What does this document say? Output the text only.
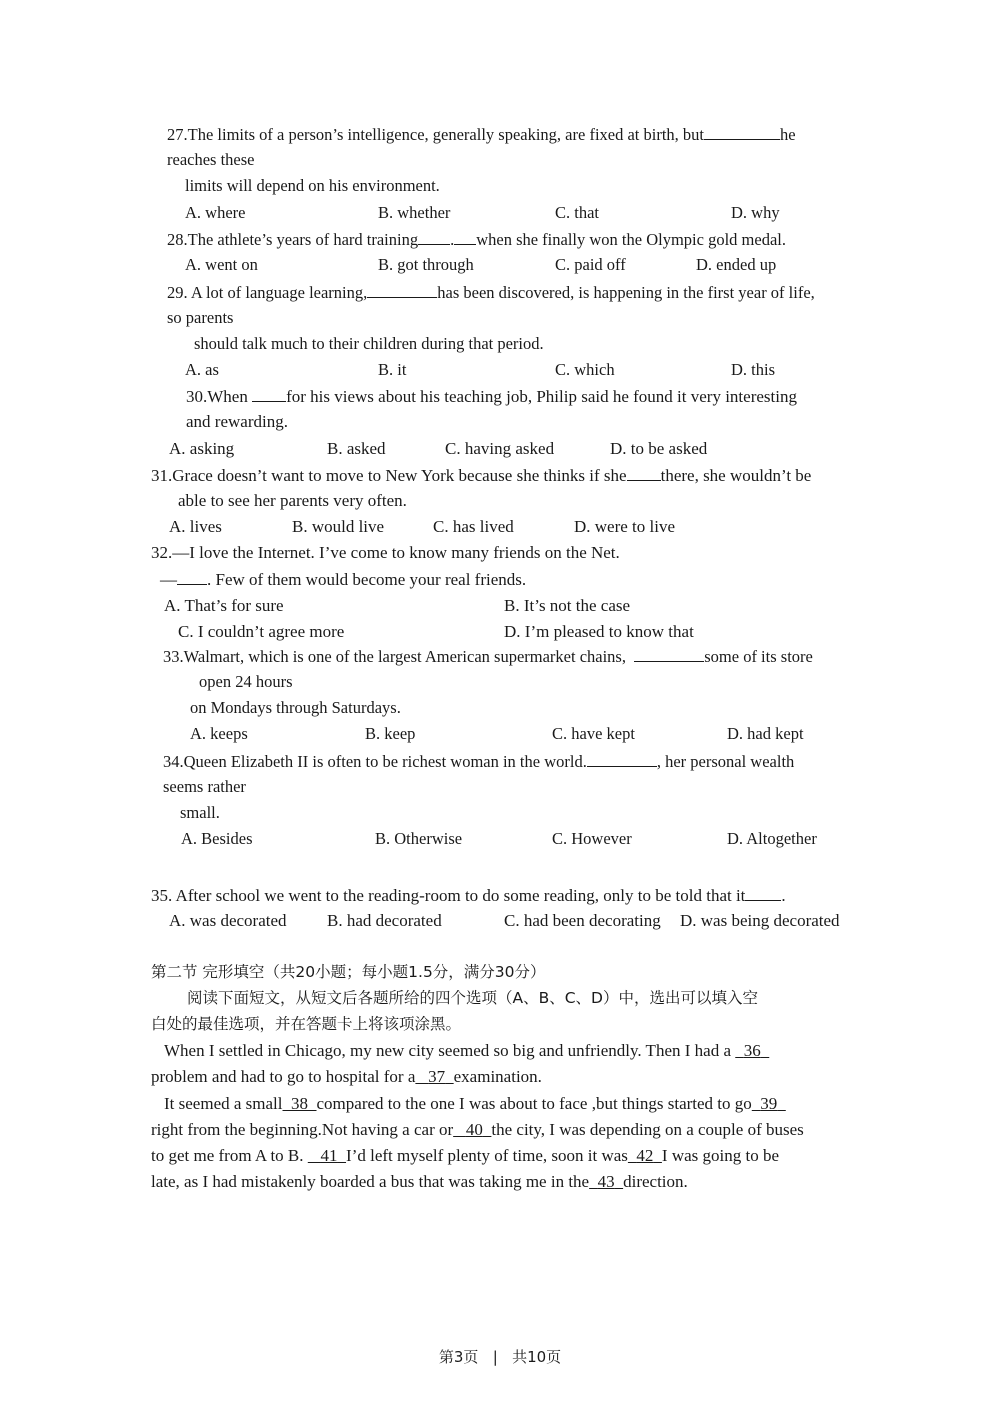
27.The limits of a person’s intelligence, generally speaking, are fixed at birth, but	he
reaches these
limits will depend on his environment.
A. where	B. whether	C. that	D. why
28.The athlete’s years of hard training . when she finally won the Olympic gold medal.
A. went on	B. got through	C. paid off	D. ended up
29. A lot of language learning,	has been discovered, is happening in the first year of life,
so parents
should talk much to their children during that period.
A. as	B. it	C. which	D. this
30.When for his views about his teaching job, Philip said he found it very interesting
and rewarding.
A. asking	B. asked	C. having asked	D. to be asked
31.Grace doesn’t want to move to New York because she thinks if she there, she wouldn’t be
able to see her parents very often.
A. lives	B. would live	C. has lived	D. were to live
32.—I love the Internet. I’ve come to know many friends on the Net.
— . Few of them would become your real friends.
A. That’s for sure	B. It’s not the case
C. I couldn’t agree more	D. I’m pleased to know that
33.Walmart, which is one of the largest American supermarket chains,	some of its store
open 24 hours
on Mondays through Saturdays.
A. keeps	B. keep	C. have kept	D. had kept
34.Queen Elizabeth II is often to be richest woman in the world.	, her personal wealth
seems rather
small.
A. Besides	B. Otherwise	C. However	D. Altogether
35. After school we went to the reading-room to do some reading, only to be told that it .
A. was decorated B. had decorated	C. had been decorating D. was being decorated
第二节 完形填空（共20小题；每小题1.5分，满分30分）
阅读下面短文，从短文后各题所给的四个选项（A、B、C、D）中，选出可以填入空
白处的最佳选项，并在答题卡上将该项涂黑。
When I settled in Chicago, my new city seemed so big and unfriendly. Then I had a 36
problem and had to go to hospital for a 37 examination.
It seemed a small 38 compared to the one I was about to face ,but things started to go 39
right from the beginning.Not having a car or 40 the city, I was depending on a couple of buses
to get me from A to B. 41 I’d left myself plenty of time, soon it was 42 I was going to be
late, as I had mistakenly boarded a bus that was taking me in the 43 direction.
第3页 | 共10页
